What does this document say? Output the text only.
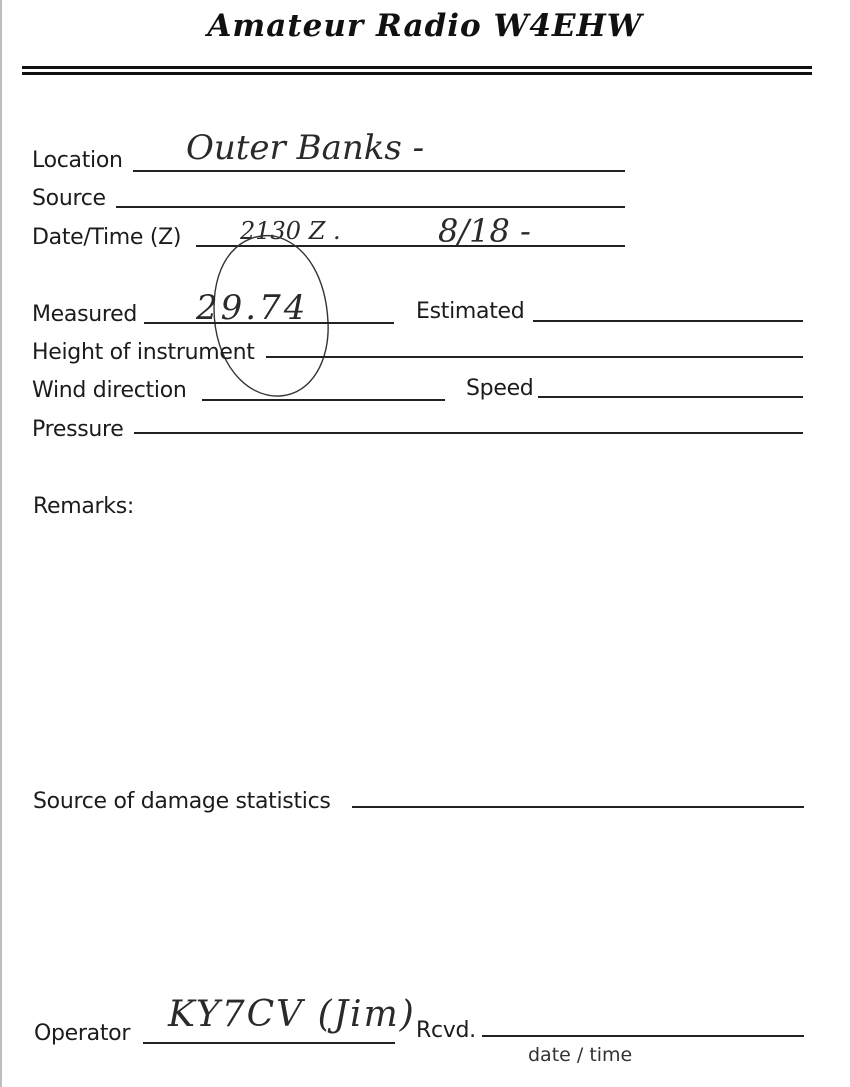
Amateur Radio W4EHW
Location Outer Banks -
Source
Date/Time (Z) 2130 Z .	8/18 -
Measured 29.74	Estimated
Height of instrument
Wind direction	Speed
Pressure
Remarks:
Source of damage statistics
Operator KY7CV (Jim) Rcvd.
date / time
